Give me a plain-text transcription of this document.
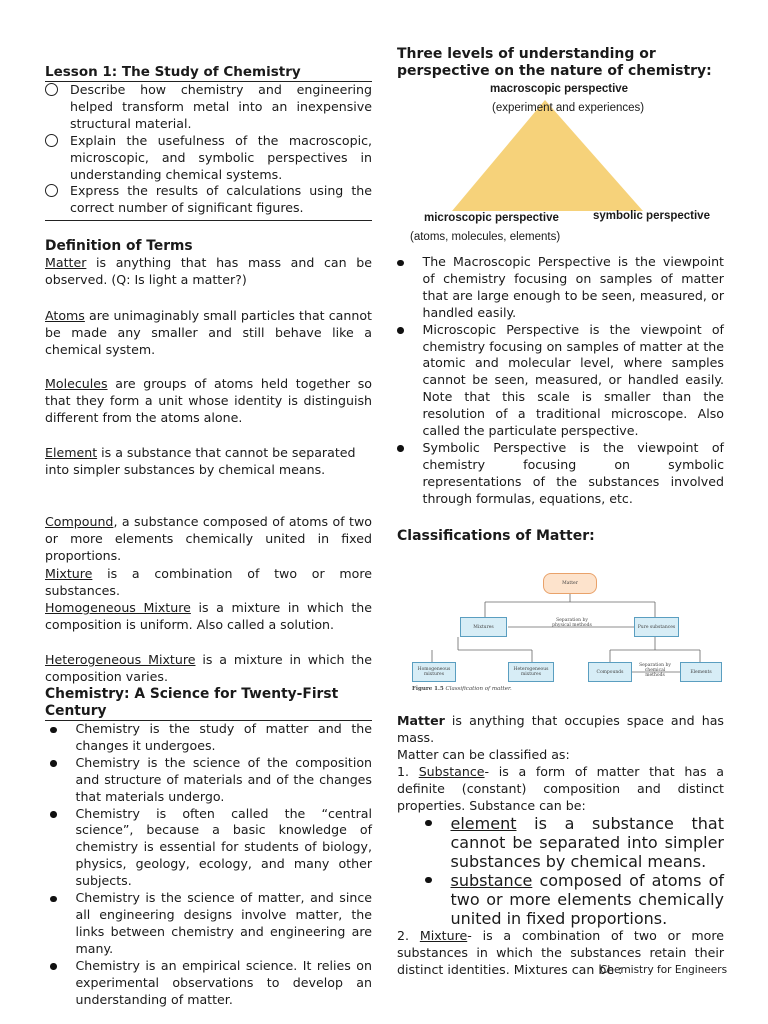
Lesson 1: The Study of Chemistry

Describe how chemistry and engineering helped transform metal into an inexpensive structural material.

Explain the usefulness of the macroscopic, microscopic, and symbolic perspectives in understanding chemical systems.

Express the results of calculations using the correct number of significant figures.

Definition of Terms

Matter is anything that has mass and can be observed. (Q: Is light a matter?)

Atoms are unimaginably small particles that cannot be made any smaller and still behave like a chemical system.

Molecules are groups of atoms held together so that they form a unit whose identity is distinguish different from the atoms alone.

Element is a substance that cannot be separated into simpler substances by chemical means.

Compound, a substance composed of atoms of two or more elements chemically united in fixed proportions.

Mixture is a combination of two or more substances.

Homogeneous Mixture is a mixture in which the composition is uniform. Also called a solution.

Heterogeneous Mixture is a mixture in which the composition varies.

Chemistry: A Science for Twenty-First Century

Chemistry is the study of matter and the changes it undergoes.
Chemistry is the science of the composition and structure of materials and of the changes that materials undergo.
Chemistry is often called the “central science”, because a basic knowledge of chemistry is essential for students of biology, physics, geology, ecology, and many other subjects.
Chemistry is the science of matter, and since all engineering designs involve matter, the links between chemistry and engineering are many.
Chemistry is an empirical science. It relies on experimental observations to develop an understanding of matter.

Three levels of understanding or perspective on the nature of chemistry:

macroscopic perspective
(experiment and experiences)
microscopic perspective	symbolic perspective
(atoms, molecules, elements)
The Macroscopic Perspective is the viewpoint of chemistry focusing on samples of matter that are large enough to be seen, measured, or handled easily.
Microscopic Perspective is the viewpoint of chemistry focusing on samples of matter at the atomic and molecular level, where samples cannot be seen, measured, or handled easily. Note that this scale is smaller than the resolution of a traditional microscope. Also called the particulate perspective.
Symbolic Perspective is the viewpoint of chemistry focusing on symbolic representations of the substances involved through formulas, equations, etc.

Classifications of Matter:

Matter
Mixtures	Pure substances
Separation by physical methods
Homogeneous mixtures
Heterogeneous mixtures	Compounds
Separation by chemical methods
Elements
Figure 1.5 Classification of matter.

Matter is anything that occupies space and has mass.

Matter can be classified as:

1. Substance- is a form of matter that has a definite (constant) composition and distinct properties. Substance can be:

element is a substance that cannot be separated into simpler substances by chemical means.
substance composed of atoms of two or more elements chemically united in fixed proportions.

2. Mixture- is a combination of two or more substances in which the substances retain their distinct identities. Mixtures can be :

Chemistry for Engineers
